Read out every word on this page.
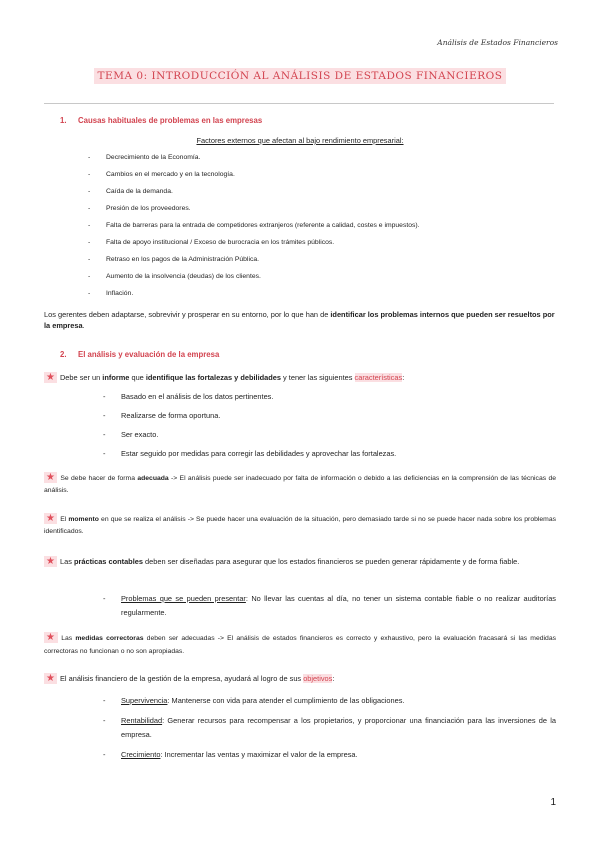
Análisis de Estados Financieros
TEMA 0: INTRODUCCIÓN AL ANÁLISIS DE ESTADOS FINANCIEROS
1. Causas habituales de problemas en las empresas
Factores externos que afectan al bajo rendimiento empresarial:
- Decrecimiento de la Economía.
- Cambios en el mercado y en la tecnología.
- Caída de la demanda.
- Presión de los proveedores.
- Falta de barreras para la entrada de competidores extranjeros (referente a calidad, costes e impuestos).
- Falta de apoyo institucional / Exceso de burocracia en los trámites públicos.
- Retraso en los pagos de la Administración Pública.
- Aumento de la insolvencia (deudas) de los clientes.
- Inflación.
Los gerentes deben adaptarse, sobrevivir y prosperar en su entorno, por lo que han de identificar los problemas internos que pueden ser resueltos por la empresa.
2. El análisis y evaluación de la empresa
★ Debe ser un informe que identifique las fortalezas y debilidades y tener las siguientes características:
- Basado en el análisis de los datos pertinentes.
- Realizarse de forma oportuna.
- Ser exacto.
- Estar seguido por medidas para corregir las debilidades y aprovechar las fortalezas.
★ Se debe hacer de forma adecuada -> El análisis puede ser inadecuado por falta de información o debido a las deficiencias en la comprensión de las técnicas de análisis.
★ El momento en que se realiza el análisis -> Se puede hacer una evaluación de la situación, pero demasiado tarde si no se puede hacer nada sobre los problemas identificados.
★ Las prácticas contables deben ser diseñadas para asegurar que los estados financieros se pueden generar rápidamente y de forma fiable.
-	Problemas que se pueden presentar: No llevar las cuentas al día, no tener un sistema contable fiable o no realizar auditorías regularmente.
★ Las medidas correctoras deben ser adecuadas -> El análisis de estados financieros es correcto y exhaustivo, pero la evaluación fracasará si las medidas correctoras no funcionan o no son apropiadas.
★ El análisis financiero de la gestión de la empresa, ayudará al logro de sus objetivos:
-	Supervivencia: Mantenerse con vida para atender el cumplimiento de las obligaciones.
-	Rentabilidad: Generar recursos para recompensar a los propietarios, y proporcionar una financiación para las inversiones de la empresa.
-	Crecimiento: Incrementar las ventas y maximizar el valor de la empresa.
1
